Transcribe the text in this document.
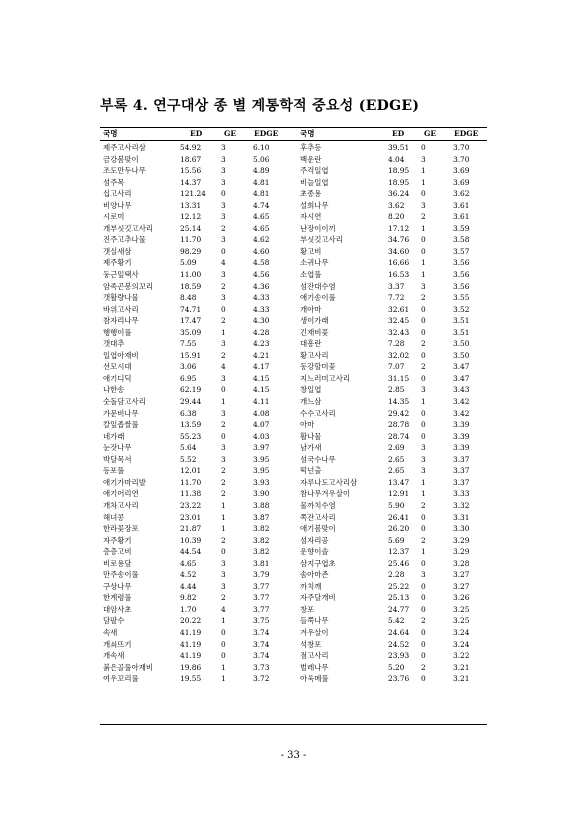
부록 4. 연구대상 종 별 계통학적 중요성 (EDGE)
국명	ED	GE EDGE	국명	ED	GE EDGE
제주고사리삼	54.92	3	6.10	후추등	39.51 0	3.70
금강봄맞이	18.67	3	5.06	백운란	4.04 3	3.70
조도만두나무	15.56	3	4.89	주걱일엽	18.95 1	3.69
섬주목	14.37	3	4.81	비늘일엽	18.95 1	3.69
십고사리	121.24 0	4.81	초종용	36.24 0	3.62
비양나무	13.31	3	4.74	설희나무	3.62 3	3.61
시로미	12.12	3	4.65	자시연	8.20 2	3.61
개부싯깃고사리	25.14	2	4.65	난장이이끼	17.12 1	3.59
진주고추나물	11.70	3	4.62	부싯깃고사리	34.76 0	3.58
갯실새삼	98.29	0	4.60	황고비	34.60 0	3.57
제주황기	5.09	4	4.58	소귀나무	16.66 1	3.56
둥근잎택사	11.00	3	4.56	소엽풀	16.53 1	3.56
암족곤봉의꼬리	18.59	2	4.36	섬잔대수염	3.37 3	3.56
갯활량나물	8.48	3	4.33	애기송이풀	7.72 2	3.55
바위고사리	74.71	0	4.33	개아마	32.61 0	3.52
참자리나무	17.47	2	4.30	생이가래	32.45 0	3.51
행행이풀	35.09	1	4.28	긴재비꽃	32.43 0	3.51
갯대추	7.55	3	4.23	대흥란	7.28 2	3.50
일엽아재비	15.91	2	4.21	황고사리	32.02 0	3.50
선모시대	3.06	4	4.17	동강할미꽃	7.07 2	3.47
애기디딕	6.95	3	4.15	지느러미고사리	31.15 0	3.47
나한송	62.19	0	4.15	창일엽	2.85 3	3.43
숫돌담고사리	29.44	1	4.11	개느삼	14.35 1	3.42
가문비나무	6.38	3	4.08	수수고사리	29.42 0	3.42
칼잎좁쌀풀	13.59	2	4.07	아마	28.78 0	3.39
네가래	55.23	0	4.03	활나물	28.74 0	3.39
눈잣나무	5.64	3	3.97	남가새	2.69 3	3.39
박달목서	5.52	3	3.95	섬국수나무	2.65 3	3.37
등포풀	12.01	2	3.95	떡넌출	2.65 3	3.37
애기가마리발	11.70	2	3.93	자루나도고사리삼	13.47 1	3.37
애기어리연	11.38	2	3.90	참나무겨우살이	12.91 1	3.33
개차고사리	23.22	1	3.88	물까치수염	5.90 2	3.32
해녀콩	23.01	1	3.87	쪽잔고사리	26.41 0	3.31
한라꽃장포	21.87	1	3.82	애기봄맞이	26.20 0	3.30
자주황기	10.39	2	3.82	섬자리공	5.69 2	3.29
층층고비	44.54	0	3.82	운향이솔	12.37 1	3.29
비로용담	4.65	3	3.81	삼지구엽초	25.46 0	3.28
만주송이풀	4.52	3	3.79	솜아마존	2.28 3	3.27
구상나무	4.44	3	3.77	까치깨	25.22 0	3.27
한계령풀	9.82	2	3.77	자주달개비	25.13 0	3.26
대암사초	1.70	4	3.77	창포	24.77 0	3.25
담팔수	20.22	1	3.75	들쭉나무	5.42 2	3.25
속새	41.19	0	3.74	겨우살이	24.64 0	3.24
개쇠뜨기	41.19	0	3.74	석창포	24.52 0	3.24
개속새	41.19	0	3.74	점고사리	23.93 0	3.22
붉은골풀아재비	19.86	1	3.73	벌레나무	5.20 2	3.21
여우꼬리풀	19.55	1	3.72	아욱메풀	23.76 0	3.21
- 33 -
